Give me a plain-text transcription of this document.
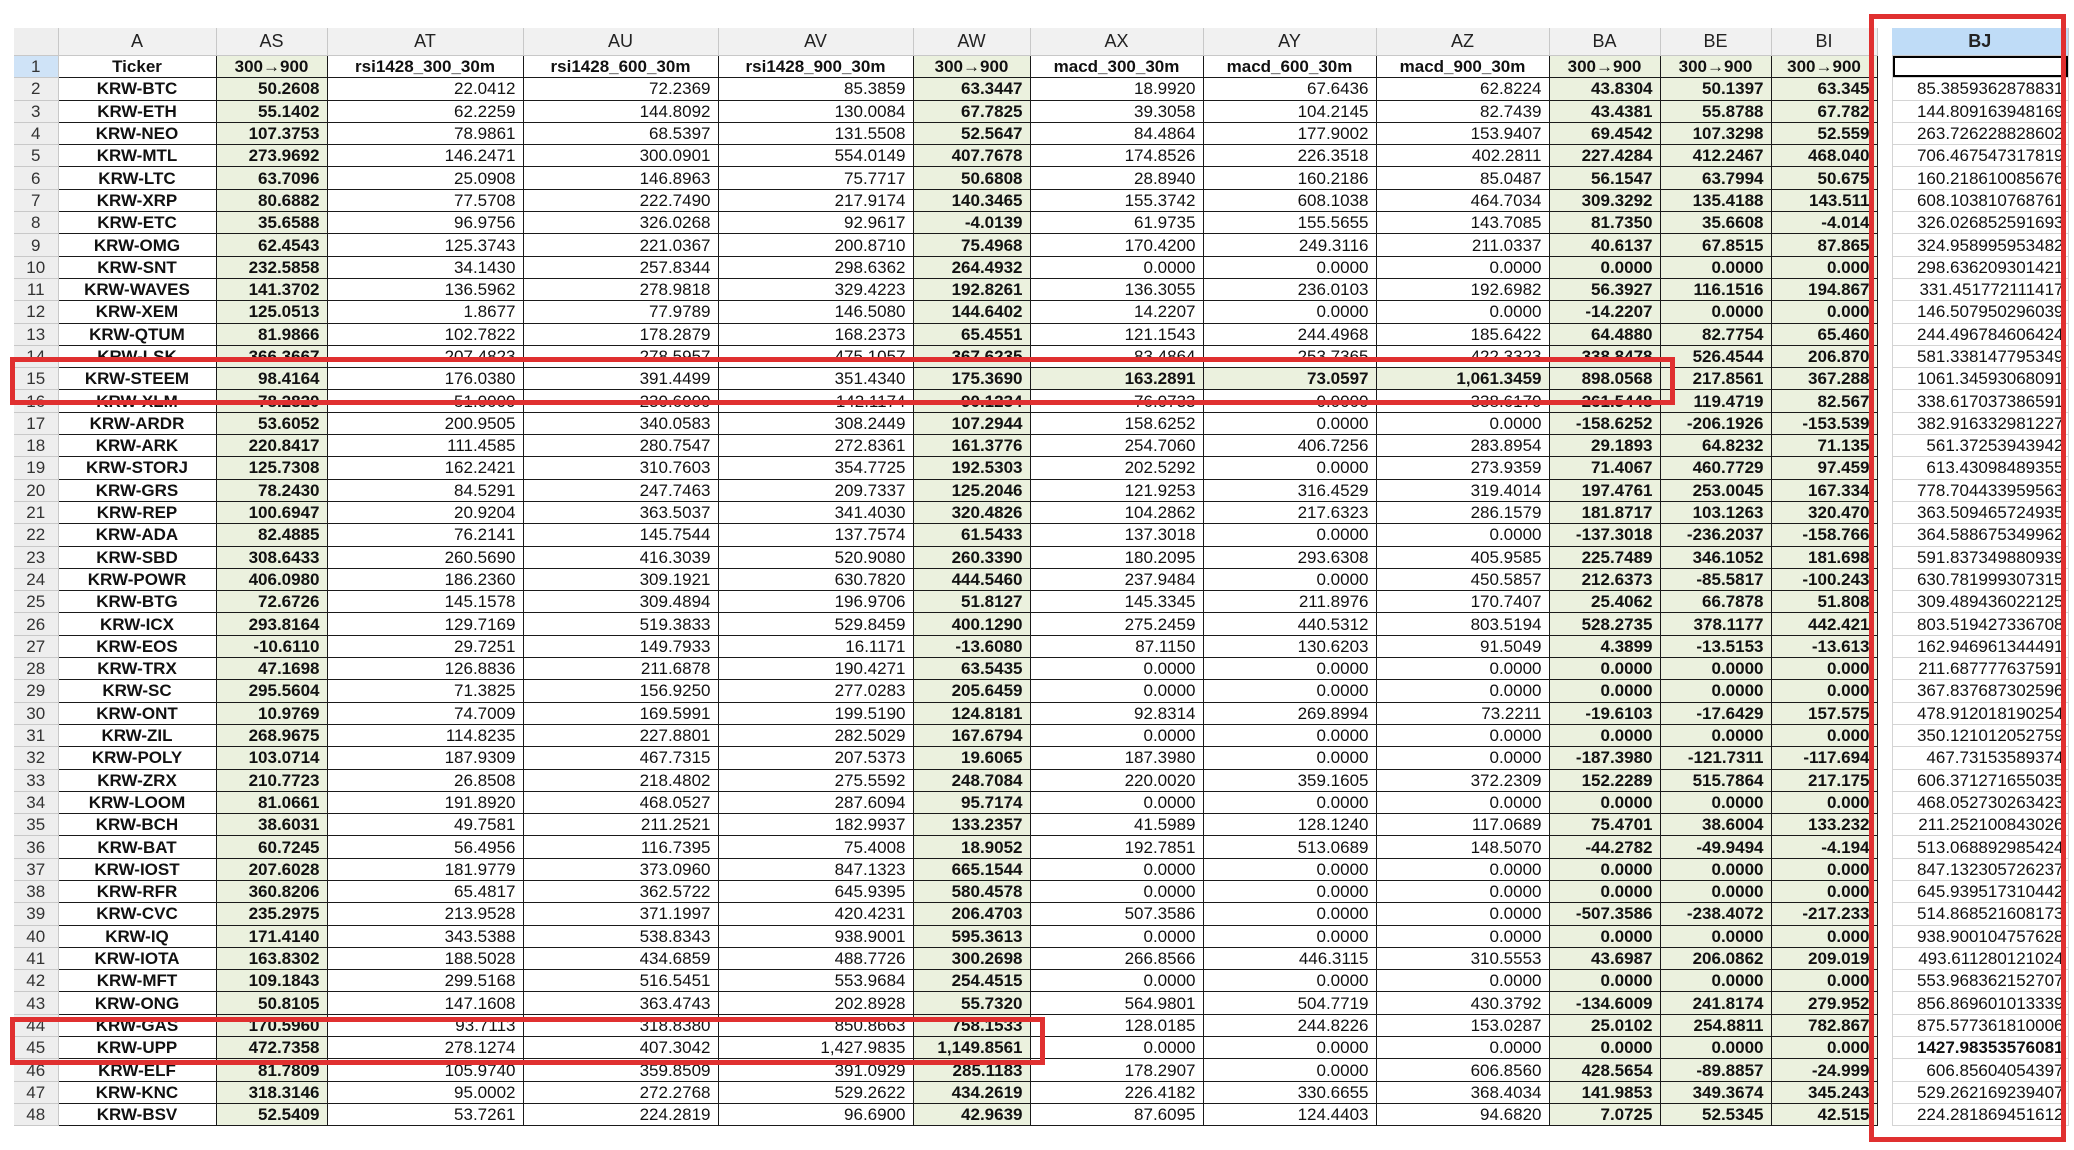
	A	AS	AT	AU	AV	AW	AX	AY	AZ	BA	BE	BI		BJ
1	Ticker	300→900	rsi1428_300_30m	rsi1428_600_30m	rsi1428_900_30m	300→900	macd_300_30m	macd_600_30m	macd_900_30m	300→900	300→900	300→900		
2	KRW-BTC	50.2608	22.0412	72.2369	85.3859	63.3447	18.9920	67.6436	62.8224	43.8304	50.1397	63.345		85.3859362878831
3	KRW-ETH	55.1402	62.2259	144.8092	130.0084	67.7825	39.3058	104.2145	82.7439	43.4381	55.8788	67.782		144.809163948169
4	KRW-NEO	107.3753	78.9861	68.5397	131.5508	52.5647	84.4864	177.9002	153.9407	69.4542	107.3298	52.559		263.726228828602
5	KRW-MTL	273.9692	146.2471	300.0901	554.0149	407.7678	174.8526	226.3518	402.2811	227.4284	412.2467	468.040		706.467547317819
6	KRW-LTC	63.7096	25.0908	146.8963	75.7717	50.6808	28.8940	160.2186	85.0487	56.1547	63.7994	50.675		160.218610085676
7	KRW-XRP	80.6882	77.5708	222.7490	217.9174	140.3465	155.3742	608.1038	464.7034	309.3292	135.4188	143.511		608.103810768761
8	KRW-ETC	35.6588	96.9756	326.0268	92.9617	-4.0139	61.9735	155.5655	143.7085	81.7350	35.6608	-4.014		326.026852591693
9	KRW-OMG	62.4543	125.3743	221.0367	200.8710	75.4968	170.4200	249.3116	211.0337	40.6137	67.8515	87.865		324.958995953482
10	KRW-SNT	232.5858	34.1430	257.8344	298.6362	264.4932	0.0000	0.0000	0.0000	0.0000	0.0000	0.000		298.636209301421
11	KRW-WAVES	141.3702	136.5962	278.9818	329.4223	192.8261	136.3055	236.0103	192.6982	56.3927	116.1516	194.867		331.451772111417
12	KRW-XEM	125.0513	1.8677	77.9789	146.5080	144.6402	14.2207	0.0000	0.0000	-14.2207	0.0000	0.000		146.507950296039
13	KRW-QTUM	81.9866	102.7822	178.2879	168.2373	65.4551	121.1543	244.4968	185.6422	64.4880	82.7754	65.460		244.496784606424
14	KRW-LSK	366.3667	207.4823	278.5957	475.1057	367.6235	83.4864	253.7365	422.3323	338.8478	526.4544	206.870		581.338147795349
15	KRW-STEEM	98.4164	176.0380	391.4499	351.4340	175.3690	163.2891	73.0597	1,061.3459	898.0568	217.8561	367.288		1061.34593068091
16	KRW-XLM	78.2820	51.0000	230.6000	142.1174	90.1234	76.0733	0.0000	338.6170	261.5448	119.4719	82.567		338.617037386591
17	KRW-ARDR	53.6052	200.9505	340.0583	308.2449	107.2944	158.6252	0.0000	0.0000	-158.6252	-206.1926	-153.539		382.916332981227
18	KRW-ARK	220.8417	111.4585	280.7547	272.8361	161.3776	254.7060	406.7256	283.8954	29.1893	64.8232	71.135		561.37253943942
19	KRW-STORJ	125.7308	162.2421	310.7603	354.7725	192.5303	202.5292	0.0000	273.9359	71.4067	460.7729	97.459		613.43098489355
20	KRW-GRS	78.2430	84.5291	247.7463	209.7337	125.2046	121.9253	316.4529	319.4014	197.4761	253.0045	167.334		778.704433959563
21	KRW-REP	100.6947	20.9204	363.5037	341.4030	320.4826	104.2862	217.6323	286.1579	181.8717	103.1263	320.470		363.509465724935
22	KRW-ADA	82.4885	76.2141	145.7544	137.7574	61.5433	137.3018	0.0000	0.0000	-137.3018	-236.2037	-158.766		364.588675349962
23	KRW-SBD	308.6433	260.5690	416.3039	520.9080	260.3390	180.2095	293.6308	405.9585	225.7489	346.1052	181.698		591.837349880939
24	KRW-POWR	406.0980	186.2360	309.1921	630.7820	444.5460	237.9484	0.0000	450.5857	212.6373	-85.5817	-100.243		630.781999307315
25	KRW-BTG	72.6726	145.1578	309.4894	196.9706	51.8127	145.3345	211.8976	170.7407	25.4062	66.7878	51.808		309.489436022125
26	KRW-ICX	293.8164	129.7169	519.3833	529.8459	400.1290	275.2459	440.5312	803.5194	528.2735	378.1177	442.421		803.519427336708
27	KRW-EOS	-10.6110	29.7251	149.7933	16.1171	-13.6080	87.1150	130.6203	91.5049	4.3899	-13.5153	-13.613		162.946961344491
28	KRW-TRX	47.1698	126.8836	211.6878	190.4271	63.5435	0.0000	0.0000	0.0000	0.0000	0.0000	0.000		211.687777637591
29	KRW-SC	295.5604	71.3825	156.9250	277.0283	205.6459	0.0000	0.0000	0.0000	0.0000	0.0000	0.000		367.837687302596
30	KRW-ONT	10.9769	74.7009	169.5991	199.5190	124.8181	92.8314	269.8994	73.2211	-19.6103	-17.6429	157.575		478.912018190254
31	KRW-ZIL	268.9675	114.8235	227.8801	282.5029	167.6794	0.0000	0.0000	0.0000	0.0000	0.0000	0.000		350.121012052759
32	KRW-POLY	103.0714	187.9309	467.7315	207.5373	19.6065	187.3980	0.0000	0.0000	-187.3980	-121.7311	-117.694		467.73153589374
33	KRW-ZRX	210.7723	26.8508	218.4802	275.5592	248.7084	220.0020	359.1605	372.2309	152.2289	515.7864	217.175		606.371271655035
34	KRW-LOOM	81.0661	191.8920	468.0527	287.6094	95.7174	0.0000	0.0000	0.0000	0.0000	0.0000	0.000		468.052730263423
35	KRW-BCH	38.6031	49.7581	211.2521	182.9937	133.2357	41.5989	128.1240	117.0689	75.4701	38.6004	133.232		211.252100843026
36	KRW-BAT	60.7245	56.4956	116.7395	75.4008	18.9052	192.7851	513.0689	148.5070	-44.2782	-49.9494	-4.194		513.068892985424
37	KRW-IOST	207.6028	181.9779	373.0960	847.1323	665.1544	0.0000	0.0000	0.0000	0.0000	0.0000	0.000		847.132305726237
38	KRW-RFR	360.8206	65.4817	362.5722	645.9395	580.4578	0.0000	0.0000	0.0000	0.0000	0.0000	0.000		645.939517310442
39	KRW-CVC	235.2975	213.9528	371.1997	420.4231	206.4703	507.3586	0.0000	0.0000	-507.3586	-238.4072	-217.233		514.868521608173
40	KRW-IQ	171.4140	343.5388	538.8343	938.9001	595.3613	0.0000	0.0000	0.0000	0.0000	0.0000	0.000		938.900104757628
41	KRW-IOTA	163.8302	188.5028	434.6859	488.7726	300.2698	266.8566	446.3115	310.5553	43.6987	206.0862	209.019		493.611280121024
42	KRW-MFT	109.1843	299.5168	516.5451	553.9684	254.4515	0.0000	0.0000	0.0000	0.0000	0.0000	0.000		553.968362152707
43	KRW-ONG	50.8105	147.1608	363.4743	202.8928	55.7320	564.9801	504.7719	430.3792	-134.6009	241.8174	279.952		856.869601013339
44	KRW-GAS	170.5960	93.7113	318.8380	850.8663	758.1533	128.0185	244.8226	153.0287	25.0102	254.8811	782.867		875.577361810006
45	KRW-UPP	472.7358	278.1274	407.3042	1,427.9835	1,149.8561	0.0000	0.0000	0.0000	0.0000	0.0000	0.000		1427.98353576081
46	KRW-ELF	81.7809	105.9740	359.8509	391.0929	285.1183	178.2907	0.0000	606.8560	428.5654	-89.8857	-24.999		606.85604054397
47	KRW-KNC	318.3146	95.0002	272.2768	529.2622	434.2619	226.4182	330.6655	368.4034	141.9853	349.3674	345.243		529.262169239407
48	KRW-BSV	52.5409	53.7261	224.2819	96.6900	42.9639	87.6095	124.4403	94.6820	7.0725	52.5345	42.515		224.281869451612
